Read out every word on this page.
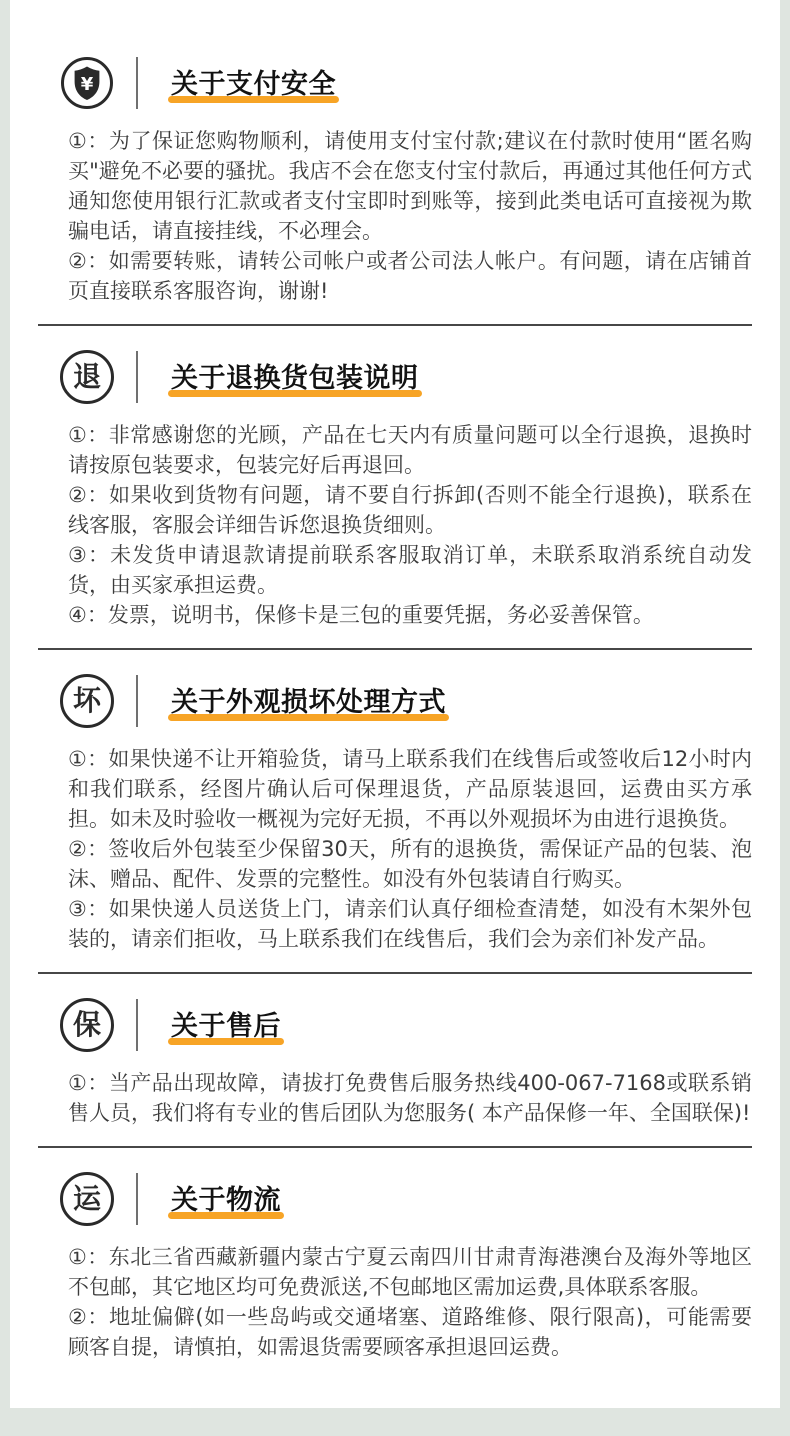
¥	关于支付安全

①：为了保证您购物顺利，请使用支付宝付款;建议在付款时使用“匿名购买"避免不必要的骚扰。我店不会在您支付宝付款后，再通过其他任何方式通知您使用银行汇款或者支付宝即时到账等，接到此类电话可直接视为欺骗电话，请直接挂线，不必理会。

②：如需要转账，请转公司帐户或者公司法人帐户。有问题，请在店铺首页直接联系客服咨询，谢谢!

退	关于退换货包装说明

①：非常感谢您的光顾，产品在七天内有质量问题可以全行退换，退换时请按原包装要求，包装完好后再退回。

②：如果收到货物有问题，请不要自行拆卸(否则不能全行退换)，联系在线客服，客服会详细告诉您退换货细则。

③：未发货申请退款请提前联系客服取消订单，未联系取消系统自动发货，由买家承担运费。

④：发票，说明书，保修卡是三包的重要凭据，务必妥善保管。

坏	关于外观损坏处理方式

①：如果快递不让开箱验货，请马上联系我们在线售后或签收后12小时内和我们联系，经图片确认后可保理退货，产品原装退回，运费由买方承担。如未及时验收一概视为完好无损，不再以外观损坏为由进行退换货。

②：签收后外包装至少保留30天，所有的退换货，需保证产品的包装、泡沫、赠品、配件、发票的完整性。如没有外包装请自行购买。

③：如果快递人员送货上门，请亲们认真仔细检查清楚，如没有木架外包装的，请亲们拒收，马上联系我们在线售后，我们会为亲们补发产品。

保	关于售后

①：当产品出现故障，请拔打免费售后服务热线400-067-7168或联系销售人员，我们将有专业的售后团队为您服务( 本产品保修一年、全国联保)!

运	关于物流

①：东北三省西藏新疆内蒙古宁夏云南四川甘肃青海港澳台及海外等地区不包邮，其它地区均可免费派送,不包邮地区需加运费,具体联系客服。

②：地址偏僻(如一些岛屿或交通堵塞、道路维修、限行限高)，可能需要顾客自提，请慎拍，如需退货需要顾客承担退回运费。
